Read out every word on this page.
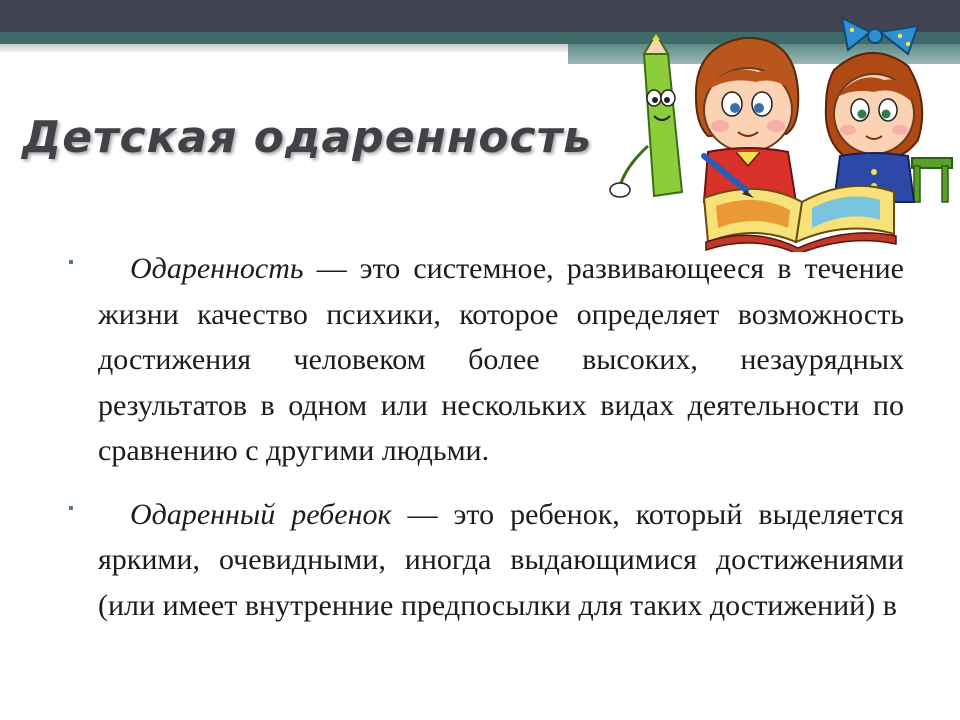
Детская одаренность
▪	Одаренность — это системное, развивающееся в течение жизни качество психики, которое определяет возможность достижения человеком более высоких, незаурядных результатов в одном или нескольких видах деятельности по сравнению с другими людьми.

▪	Одаренный ребенок — это ребенок, который выделяется яркими, очевидными, иногда выдающимися достижениями (или имеет внутренние предпосылки для таких достижений) в
